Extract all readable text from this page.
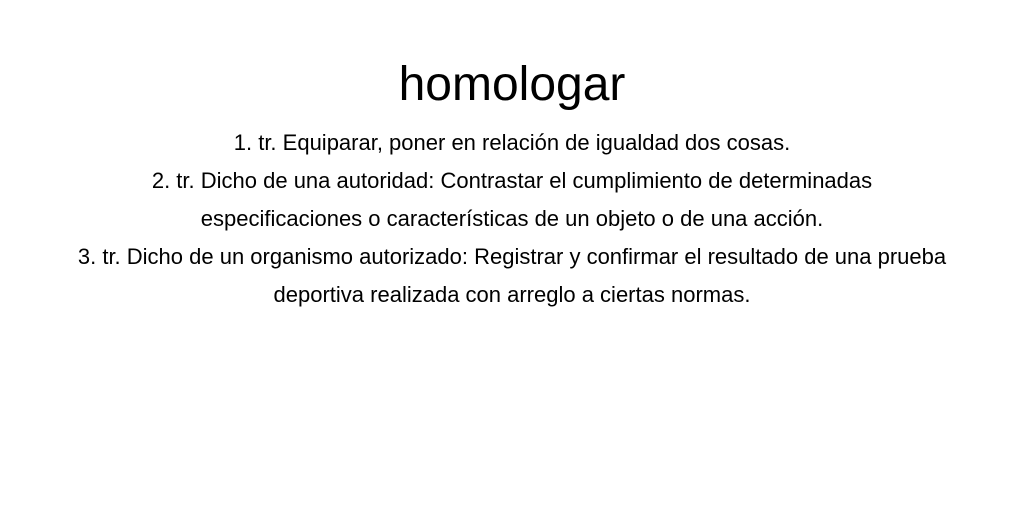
homologar

1. tr. Equiparar, poner en relación de igualdad dos cosas.

2. tr. Dicho de una autoridad: Contrastar el cumplimiento de determinadas especificaciones o características de un objeto o de una acción.

3. tr. Dicho de un organismo autorizado: Registrar y confirmar el resultado de una prueba deportiva realizada con arreglo a ciertas normas.
